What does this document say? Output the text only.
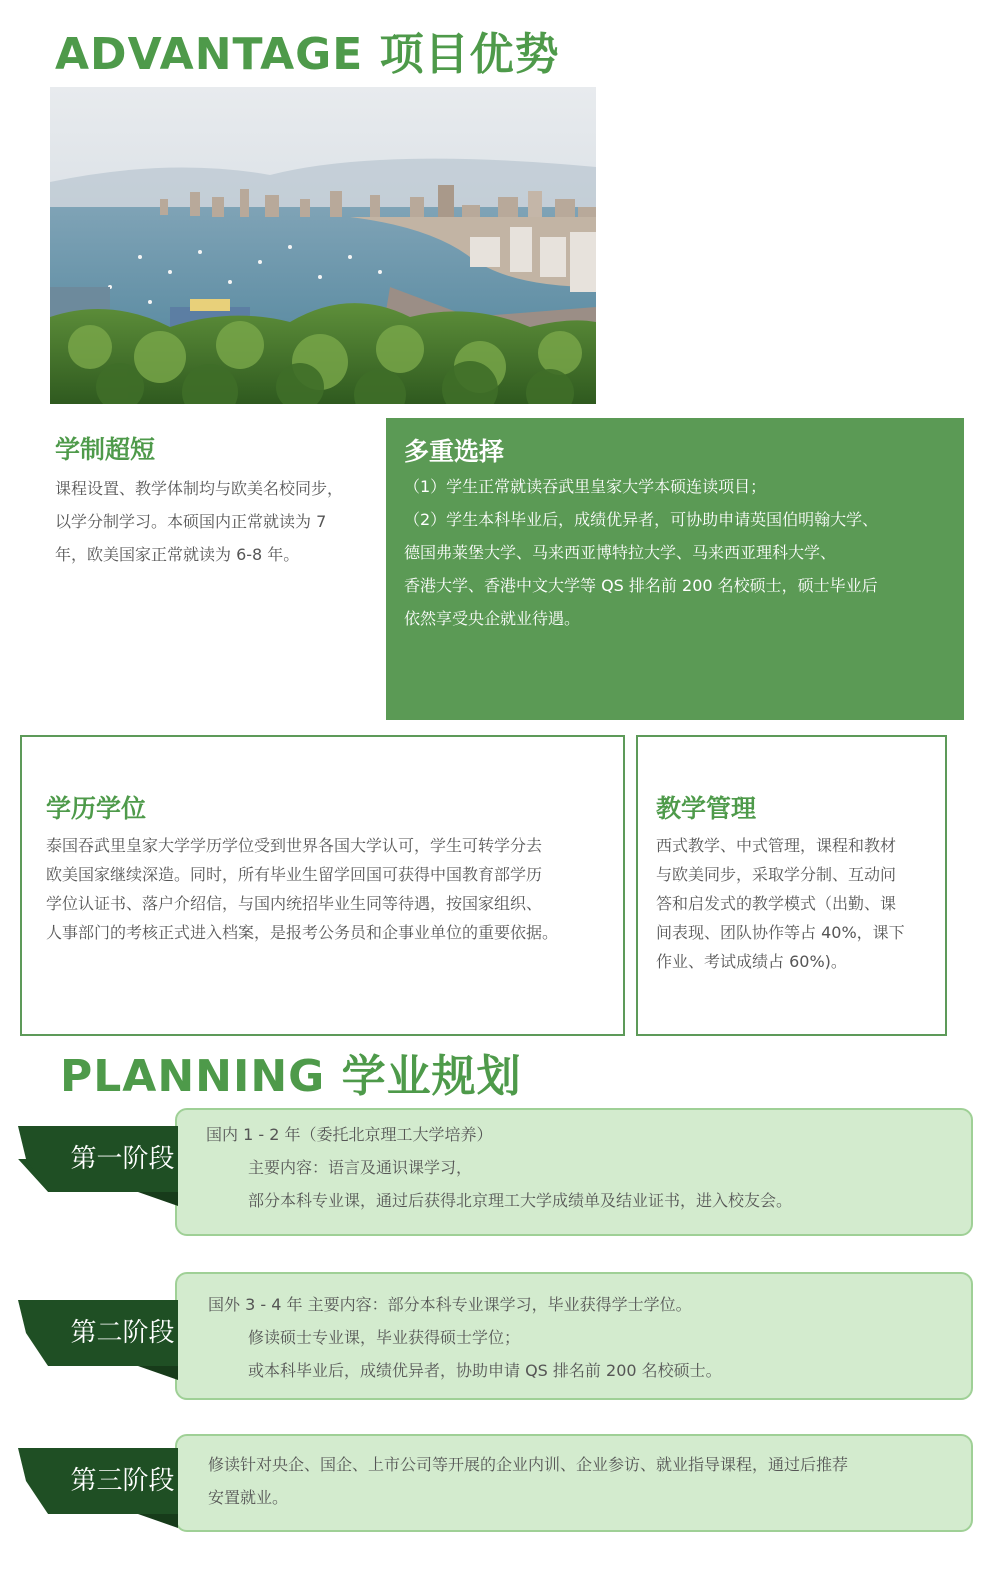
ADVANTAGE 项目优势
学制超短

课程设置、教学体制均与欧美名校同步，

以学分制学习。本硕国内正常就读为 7

年，欧美国家正常就读为 6-8 年。

多重选择

（1）学生正常就读吞武里皇家大学本硕连读项目；

（2）学生本科毕业后，成绩优异者，可协助申请英国伯明翰大学、

德国弗莱堡大学、马来西亚博特拉大学、马来西亚理科大学、

香港大学、香港中文大学等 QS 排名前 200 名校硕士，硕士毕业后

依然享受央企就业待遇。

学历学位

泰国吞武里皇家大学学历学位受到世界各国大学认可，学生可转学分去

欧美国家继续深造。同时，所有毕业生留学回国可获得中国教育部学历

学位认证书、落户介绍信，与国内统招毕业生同等待遇，按国家组织、

人事部门的考核正式进入档案，是报考公务员和企事业单位的重要依据。

教学管理

西式教学、中式管理，课程和教材

与欧美同步，采取学分制、互动问

答和启发式的教学模式（出勤、课

间表现、团队协作等占 40%，课下

作业、考试成绩占 60%)。

PLANNING 学业规划
国内 1 - 2 年（委托北京理工大学培养）
主要内容：语言及通识课学习，
部分本科专业课，通过后获得北京理工大学成绩单及结业证书，进入校友会。
第一阶段
国外 3 - 4 年 主要内容：部分本科专业课学习，毕业获得学士学位。
修读硕士专业课，毕业获得硕士学位；
或本科毕业后，成绩优异者，协助申请 QS 排名前 200 名校硕士。
第二阶段
修读针对央企、国企、上市公司等开展的企业内训、企业参访、就业指导课程，通过后推荐
安置就业。
第三阶段
